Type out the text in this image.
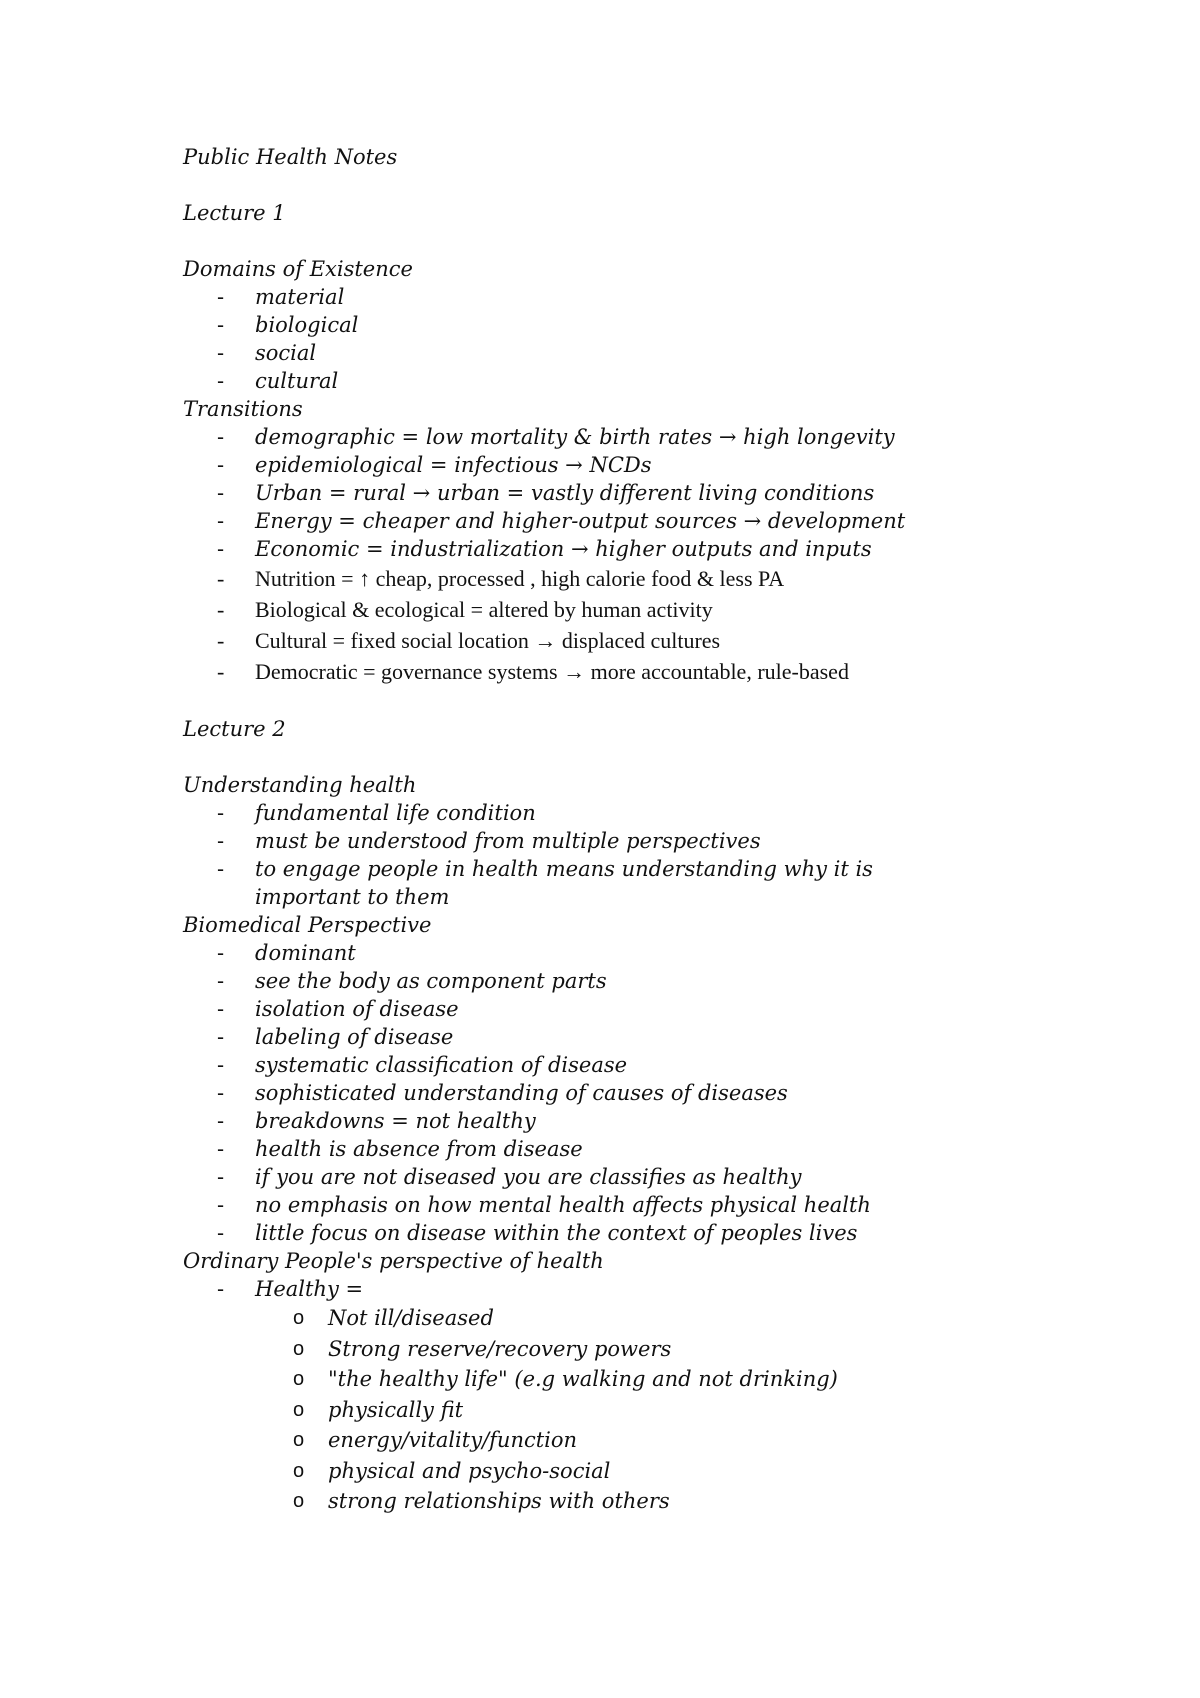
Public Health Notes
Lecture 1
Domains of Existence
- material
- biological
- social
- cultural
Transitions
- demographic = low mortality & birth rates → high longevity
- epidemiological = infectious → NCDs
- Urban = rural → urban = vastly different living conditions
- Energy = cheaper and higher-output sources → development
- Economic = industrialization → higher outputs and inputs
- Nutrition = ↑ cheap, processed , high calorie food & less PA
- Biological & ecological = altered by human activity
- Cultural = fixed social location → displaced cultures
- Democratic = governance systems → more accountable, rule-based
Lecture 2
Understanding health
- fundamental life condition
- must be understood from multiple perspectives
- to engage people in health means understanding why it is important to them
Biomedical Perspective
- dominant
- see the body as component parts
- isolation of disease
- labeling of disease
- systematic classification of disease
- sophisticated understanding of causes of diseases
- breakdowns = not healthy
- health is absence from disease
- if you are not diseased you are classifies as healthy
- no emphasis on how mental health affects physical health
- little focus on disease within the context of peoples lives
Ordinary People's perspective of health
- Healthy =
o Not ill/diseased
o Strong reserve/recovery powers
o "the healthy life" (e.g walking and not drinking)
o physically fit
o energy/vitality/function
o physical and psycho-social
o strong relationships with others
